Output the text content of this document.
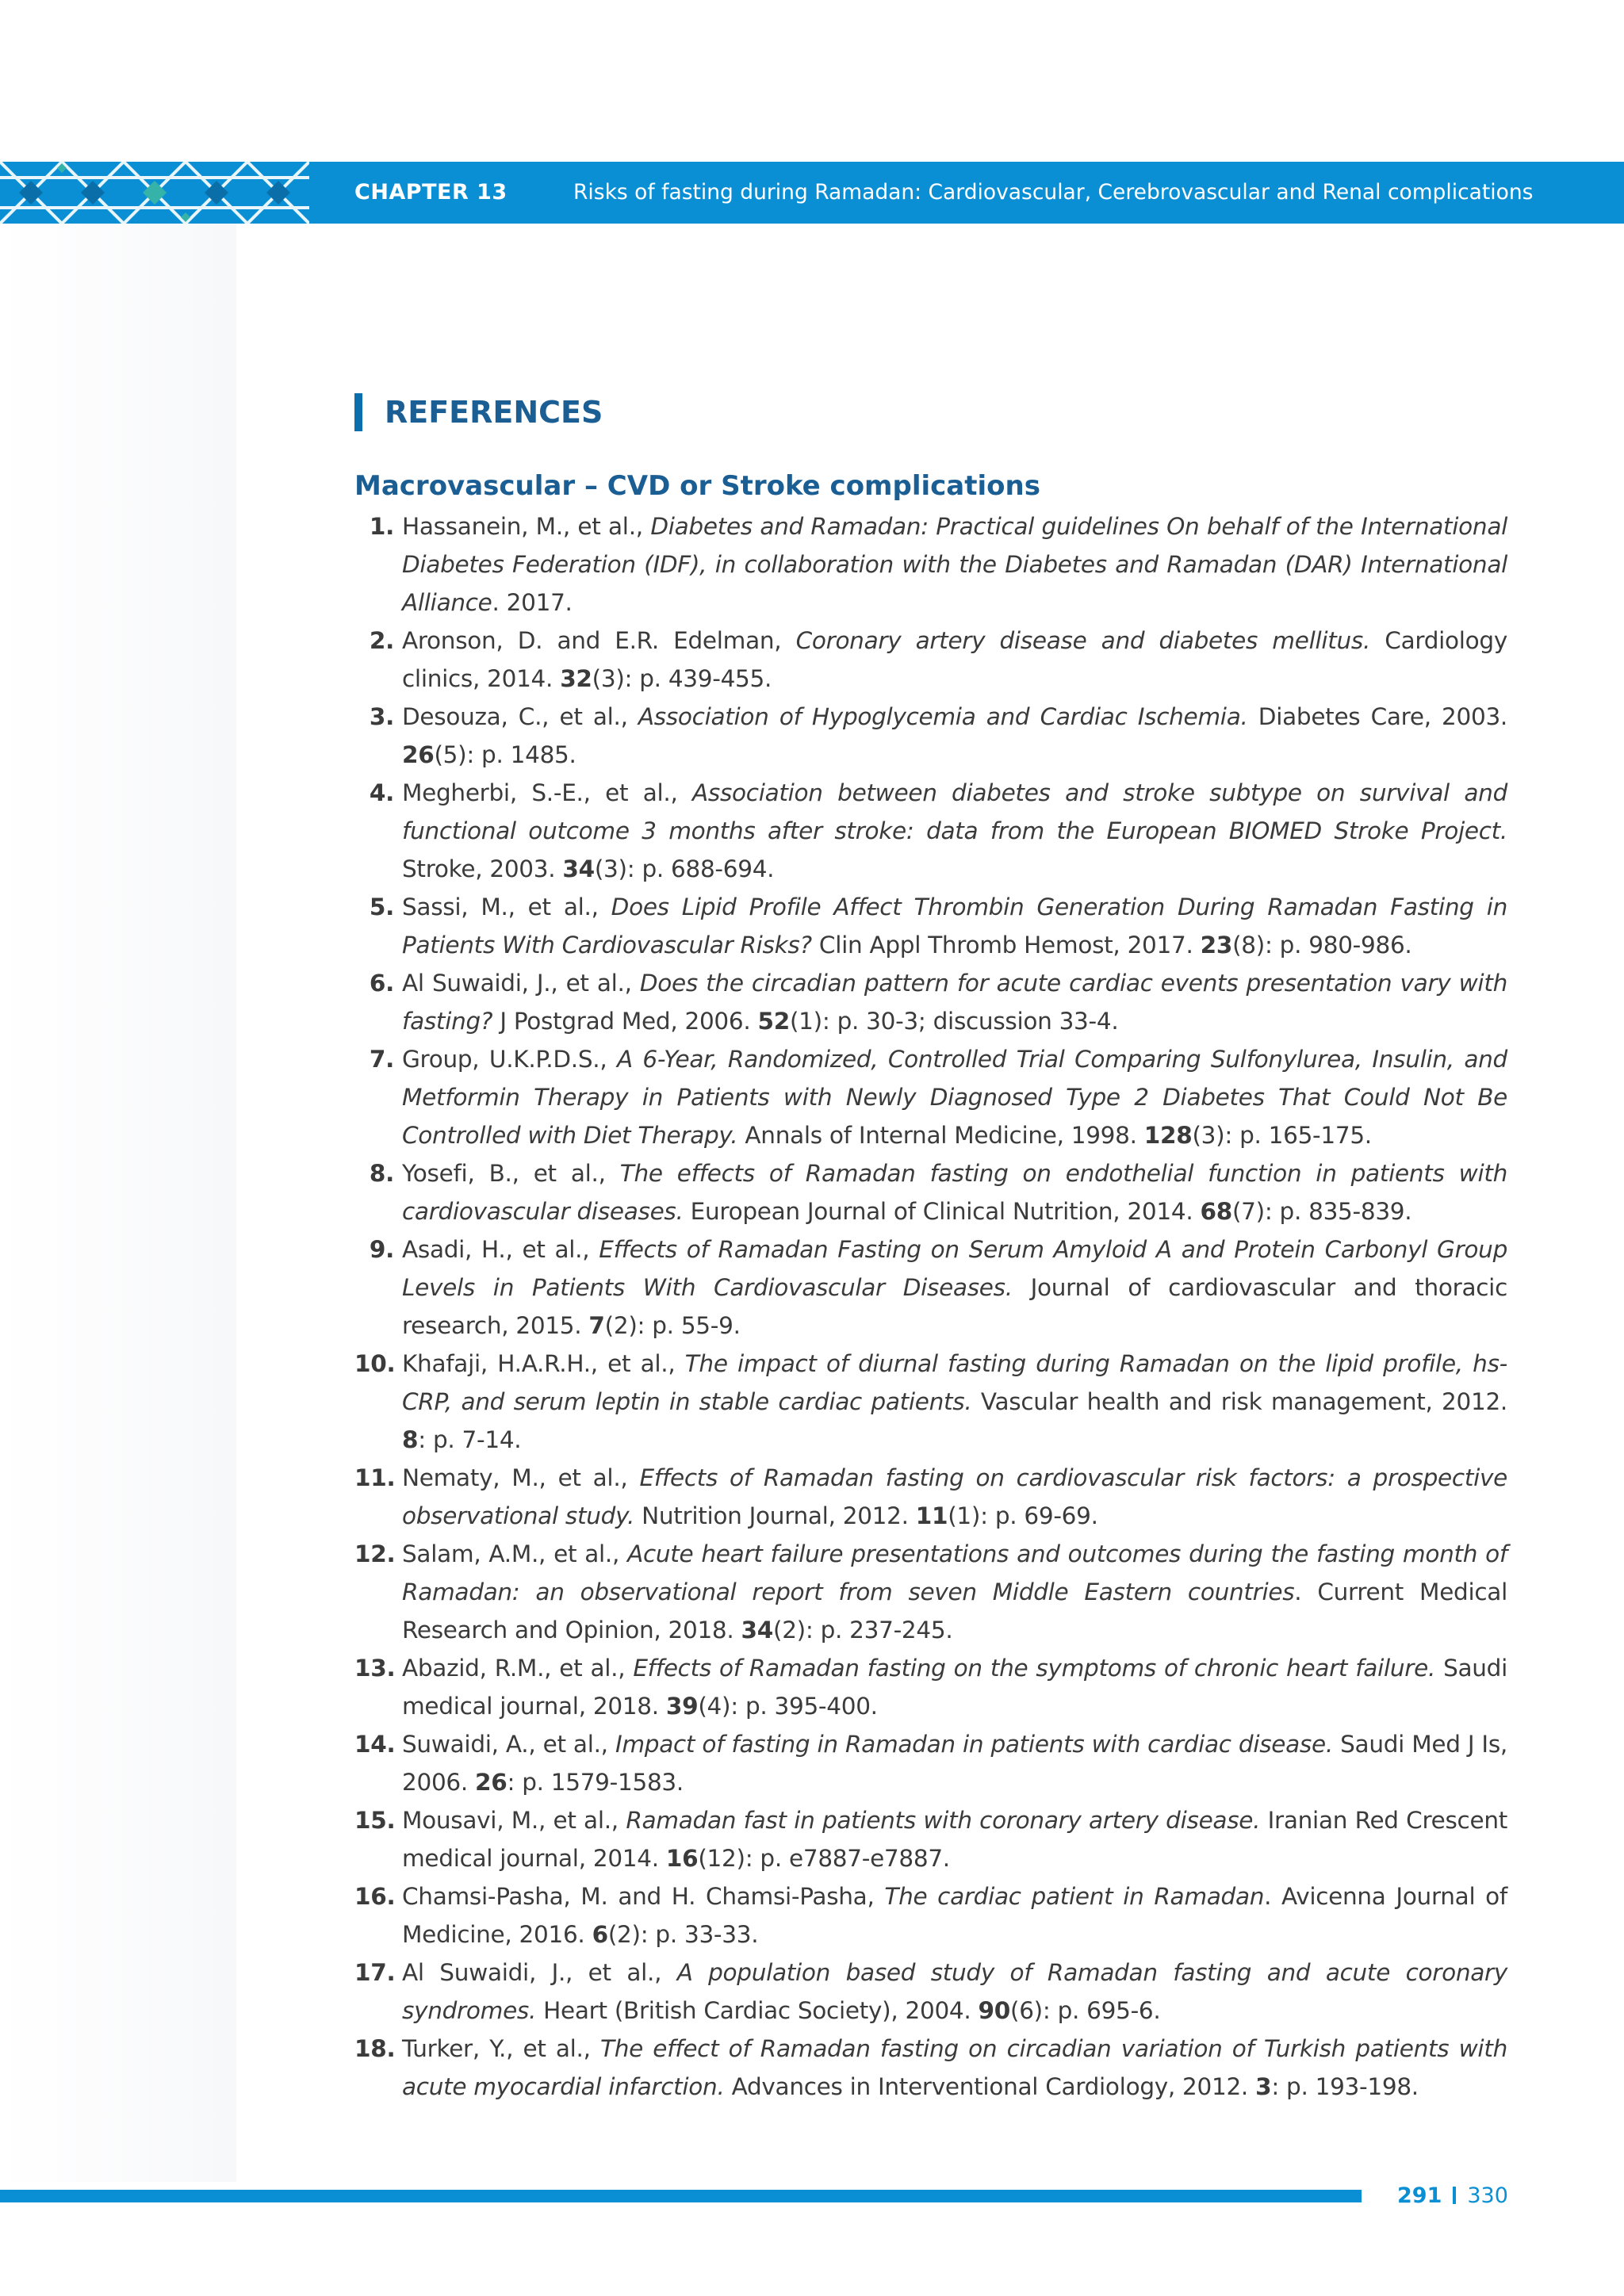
CHAPTER 13	Risks of fasting during Ramadan: Cardiovascular, Cerebrovascular and Renal complications
REFERENCES
Macrovascular – CVD or Stroke complications
1. Hassanein, M., et al., Diabetes and Ramadan: Practical guidelines On behalf of the International Diabetes Federation (IDF), in collaboration with the Diabetes and Ramadan (DAR) International Alliance. 2017.
2. Aronson, D. and E.R. Edelman, Coronary artery disease and diabetes mellitus. Cardiology clinics, 2014. 32(3): p. 439-455.
3. Desouza, C., et al., Association of Hypoglycemia and Cardiac Ischemia. Diabetes Care, 2003. 26(5): p. 1485.
4. Megherbi, S.-E., et al., Association between diabetes and stroke subtype on survival and functional outcome 3 months after stroke: data from the European BIOMED Stroke Project. Stroke, 2003. 34(3): p. 688-694.
5. Sassi, M., et al., Does Lipid Profile Affect Thrombin Generation During Ramadan Fasting in Patients With Cardiovascular Risks? Clin Appl Thromb Hemost, 2017. 23(8): p. 980-986.
6. Al Suwaidi, J., et al., Does the circadian pattern for acute cardiac events presentation vary with fasting? J Postgrad Med, 2006. 52(1): p. 30-3; discussion 33-4.
7. Group, U.K.P.D.S., A 6-Year, Randomized, Controlled Trial Comparing Sulfonylurea, Insulin, and Metformin Therapy in Patients with Newly Diagnosed Type 2 Diabetes That Could Not Be Controlled with Diet Therapy. Annals of Internal Medicine, 1998. 128(3): p. 165-175.
8. Yosefi, B., et al., The effects of Ramadan fasting on endothelial function in patients with cardiovascular diseases. European Journal of Clinical Nutrition, 2014. 68(7): p. 835-839.
9. Asadi, H., et al., Effects of Ramadan Fasting on Serum Amyloid A and Protein Carbonyl Group Levels in Patients With Cardiovascular Diseases. Journal of cardiovascular and thoracic research, 2015. 7(2): p. 55-9.
10. Khafaji, H.A.R.H., et al., The impact of diurnal fasting during Ramadan on the lipid profile, hs-CRP, and serum leptin in stable cardiac patients. Vascular health and risk management, 2012. 8: p. 7-14.
11. Nematy, M., et al., Effects of Ramadan fasting on cardiovascular risk factors: a prospective observational study. Nutrition Journal, 2012. 11(1): p. 69-69.
12. Salam, A.M., et al., Acute heart failure presentations and outcomes during the fasting month of Ramadan: an observational report from seven Middle Eastern countries. Current Medical Research and Opinion, 2018. 34(2): p. 237-245.
13. Abazid, R.M., et al., Effects of Ramadan fasting on the symptoms of chronic heart failure. Saudi medical journal, 2018. 39(4): p. 395-400.
14. Suwaidi, A., et al., Impact of fasting in Ramadan in patients with cardiac disease. Saudi Med J Is, 2006. 26: p. 1579-1583.
15. Mousavi, M., et al., Ramadan fast in patients with coronary artery disease. Iranian Red Crescent medical journal, 2014. 16(12): p. e7887-e7887.
16. Chamsi-Pasha, M. and H. Chamsi-Pasha, The cardiac patient in Ramadan. Avicenna Journal of Medicine, 2016. 6(2): p. 33-33.
17. Al Suwaidi, J., et al., A population based study of Ramadan fasting and acute coronary syndromes. Heart (British Cardiac Society), 2004. 90(6): p. 695-6.
18. Turker, Y., et al., The effect of Ramadan fasting on circadian variation of Turkish patients with acute myocardial infarction. Advances in Interventional Cardiology, 2012. 3: p. 193-198.
291 330
